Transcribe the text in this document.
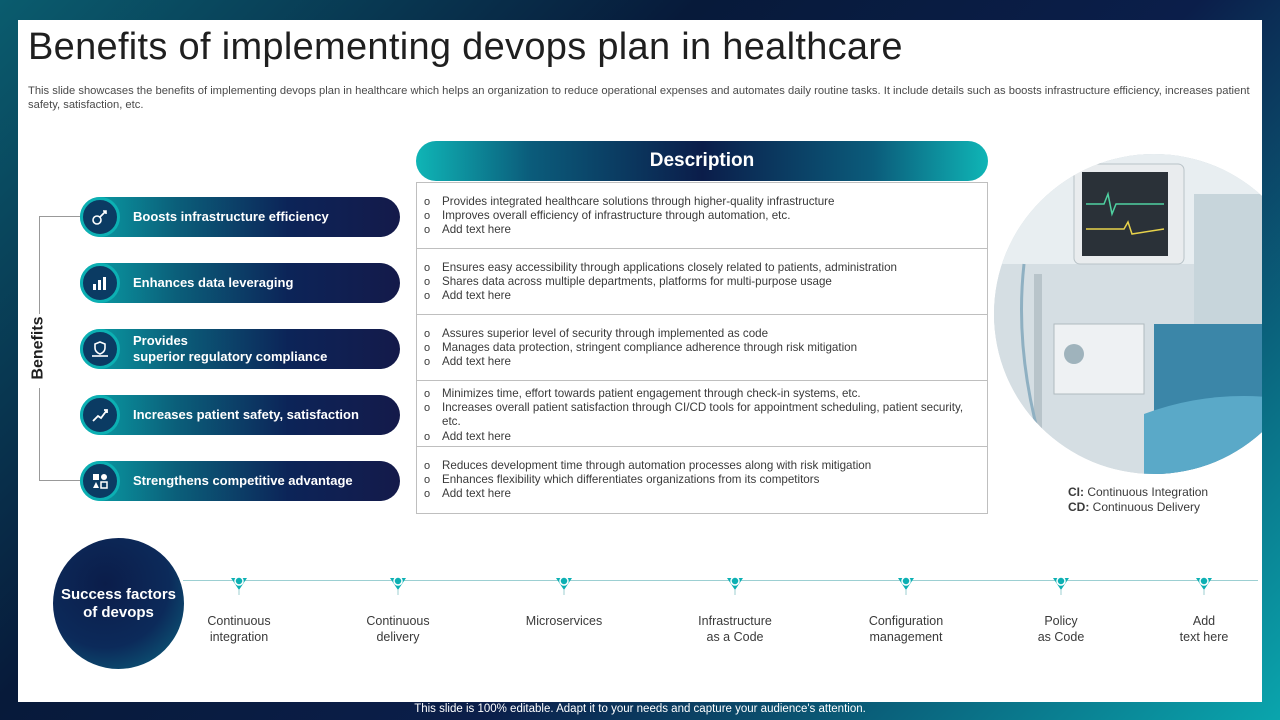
Benefits of implementing devops plan in healthcare

This slide showcases the benefits of implementing devops plan in healthcare which helps an organization to reduce operational expenses and automates daily routine tasks. It include details such as boosts infrastructure efficiency, increases patient safety, satisfaction, etc.

Benefits
Boosts infrastructure efficiency
Enhances data leveraging
Provides
superior regulatory compliance
Increases patient safety, satisfaction
Strengthens competitive advantage
Description
o Provides integrated healthcare solutions through higher-quality infrastructure
o Improves overall efficiency of infrastructure through automation, etc.
o Add text here
o Ensures easy accessibility through applications closely related to patients, administration
o Shares data across multiple departments, platforms for multi-purpose usage
o Add text here
o Assures superior level of security through implemented as code
o Manages data protection, stringent compliance adherence through risk mitigation
o Add text here
o Minimizes time, effort towards patient engagement through check-in systems, etc.
o Increases overall patient satisfaction through CI/CD tools for appointment scheduling, patient security, etc.
o Add text here
o Reduces development time through automation processes along with risk mitigation
o Enhances flexibility which differentiates organizations from its competitors
o Add text here	CI: Continuous Integration
CD: Continuous Delivery
Success factors
of devops
Continuous
integration
Continuous
delivery
Microservices	Infrastructure
as a Code
Configuration
management
Policy
as Code
Add
text here
This slide is 100% editable. Adapt it to your needs and capture your audience's attention.
